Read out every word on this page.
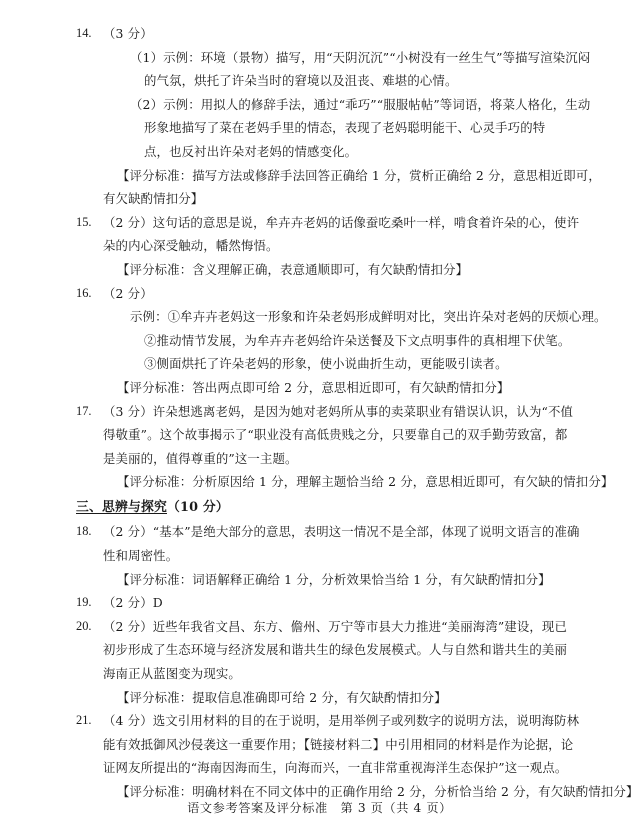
14. （3 分）
（1）示例：环境（景物）描写，用“天阴沉沉”“小树没有一丝生气”等描写渲染沉闷
的气氛，烘托了许朵当时的窘境以及沮丧、难堪的心情。
（2）示例：用拟人的修辞手法，通过“乖巧”“服服帖帖”等词语，将菜人格化，生动
形象地描写了菜在老妈手里的情态，表现了老妈聪明能干、心灵手巧的特
点，也反衬出许朵对老妈的情感变化。
【评分标准：描写方法或修辞手法回答正确给 1 分，赏析正确给 2 分，意思相近即可，
有欠缺酌情扣分】
15. （2 分）这句话的意思是说，牟卉卉老妈的话像蚕吃桑叶一样，啃食着许朵的心，使许
朵的内心深受触动，幡然悔悟。
【评分标准：含义理解正确，表意通顺即可，有欠缺酌情扣分】
16. （2 分）
示例：①牟卉卉老妈这一形象和许朵老妈形成鲜明对比，突出许朵对老妈的厌烦心理。
②推动情节发展，为牟卉卉老妈给许朵送餐及下文点明事件的真相埋下伏笔。
③侧面烘托了许朵老妈的形象，使小说曲折生动，更能吸引读者。
【评分标准：答出两点即可给 2 分，意思相近即可，有欠缺酌情扣分】
17. （3 分）许朵想逃离老妈，是因为她对老妈所从事的卖菜职业有错误认识，认为“不值
得敬重”。这个故事揭示了“职业没有高低贵贱之分，只要靠自己的双手勤劳致富，都
是美丽的，值得尊重的”这一主题。
【评分标准：分析原因给 1 分，理解主题恰当给 2 分，意思相近即可，有欠缺的情扣分】
三、思辨与探究（10 分）
18. （2 分）“基本”是绝大部分的意思，表明这一情况不是全部，体现了说明文语言的准确
性和周密性。
【评分标准：词语解释正确给 1 分，分析效果恰当给 1 分，有欠缺酌情扣分】
19. （2 分）D
20. （2 分）近些年我省文昌、东方、儋州、万宁等市县大力推进“美丽海湾”建设，现已
初步形成了生态环境与经济发展和谐共生的绿色发展模式。人与自然和谐共生的美丽
海南正从蓝图变为现实。
【评分标准：提取信息准确即可给 2 分，有欠缺酌情扣分】
21. （4 分）选文引用材料的目的在于说明，是用举例子或列数字的说明方法，说明海防林
能有效抵御风沙侵袭这一重要作用；【链接材料二】中引用相同的材料是作为论据，论
证网友所提出的“海南因海而生，向海而兴，一直非常重视海洋生态保护”这一观点。
【评分标准：明确材料在不同文体中的正确作用给 2 分，分析恰当给 2 分，有欠缺酌情扣分】
语文参考答案及评分标准　第 3 页（共 4 页）
